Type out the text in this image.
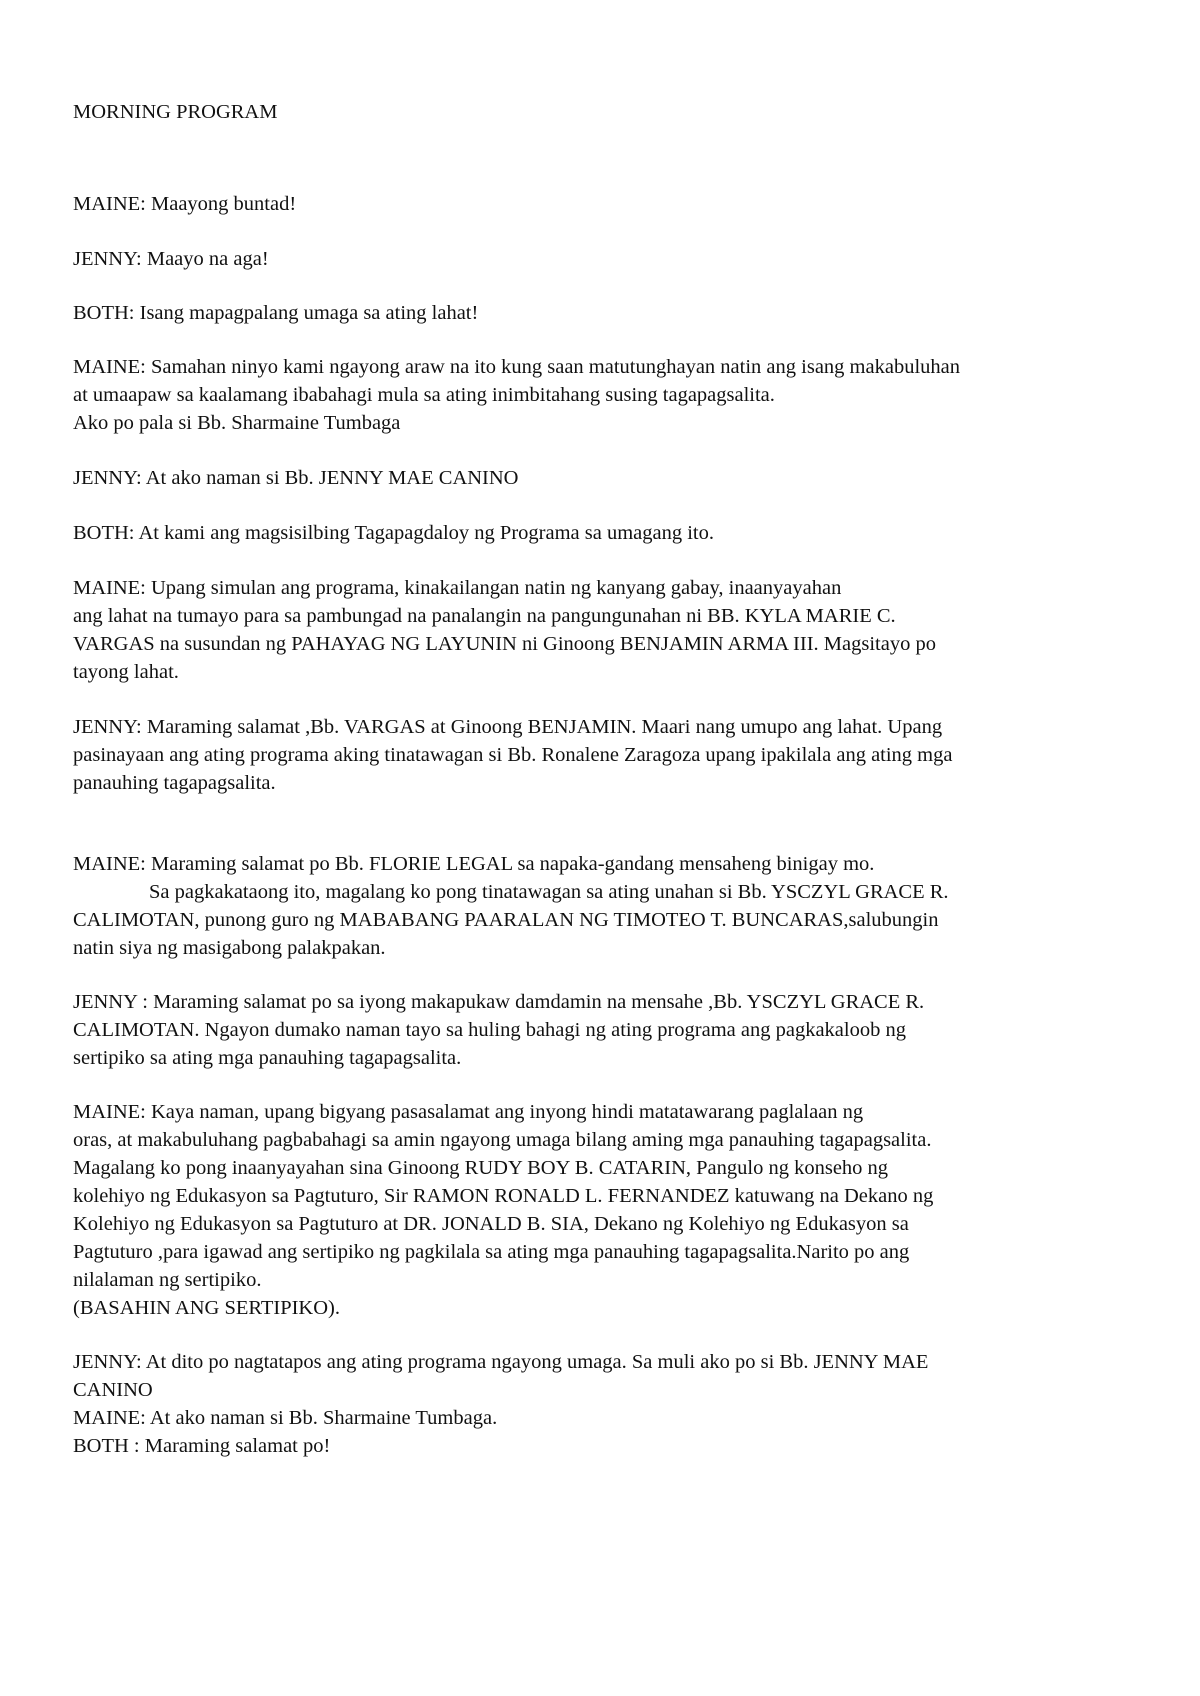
MORNING PROGRAM

MAINE: Maayong buntad!

JENNY: Maayo na aga!

BOTH: Isang mapagpalang umaga sa ating lahat!

MAINE: Samahan ninyo kami ngayong araw na ito kung saan matutunghayan natin ang isang makabuluhan
at umaapaw sa kaalamang ibabahagi mula sa ating inimbitahang susing tagapagsalita.
Ako po pala si Bb. Sharmaine Tumbaga

JENNY: At ako naman si Bb. JENNY MAE CANINO

BOTH: At kami ang magsisilbing Tagapagdaloy ng Programa sa umagang ito.

MAINE: Upang simulan ang programa, kinakailangan natin ng kanyang gabay, inaanyayahan
ang lahat na tumayo para sa pambungad na panalangin na pangungunahan ni BB. KYLA MARIE C.
VARGAS na susundan ng PAHAYAG NG LAYUNIN ni Ginoong BENJAMIN ARMA III. Magsitayo po
tayong lahat.

JENNY: Maraming salamat ,Bb. VARGAS at Ginoong BENJAMIN. Maari nang umupo ang lahat. Upang
pasinayaan ang ating programa aking tinatawagan si Bb. Ronalene Zaragoza upang ipakilala ang ating mga
panauhing tagapagsalita.

MAINE: Maraming salamat po Bb. FLORIE LEGAL sa napaka-gandang mensaheng binigay mo.
Sa pagkakataong ito, magalang ko pong tinatawagan sa ating unahan si Bb. YSCZYL GRACE R.
CALIMOTAN, punong guro ng MABABANG PAARALAN NG TIMOTEO T. BUNCARAS,salubungin
natin siya ng masigabong palakpakan.

JENNY : Maraming salamat po sa iyong makapukaw damdamin na mensahe ,Bb. YSCZYL GRACE R.
CALIMOTAN. Ngayon dumako naman tayo sa huling bahagi ng ating programa ang pagkakaloob ng
sertipiko sa ating mga panauhing tagapagsalita.

MAINE: Kaya naman, upang bigyang pasasalamat ang inyong hindi matatawarang paglalaan ng
oras, at makabuluhang pagbabahagi sa amin ngayong umaga bilang aming mga panauhing tagapagsalita.
Magalang ko pong inaanyayahan sina Ginoong RUDY BOY B. CATARIN, Pangulo ng konseho ng
kolehiyo ng Edukasyon sa Pagtuturo, Sir RAMON RONALD L. FERNANDEZ katuwang na Dekano ng
Kolehiyo ng Edukasyon sa Pagtuturo at DR. JONALD B. SIA, Dekano ng Kolehiyo ng Edukasyon sa
Pagtuturo ,para igawad ang sertipiko ng pagkilala sa ating mga panauhing tagapagsalita.Narito po ang
nilalaman ng sertipiko.
(BASAHIN ANG SERTIPIKO).

JENNY: At dito po nagtatapos ang ating programa ngayong umaga. Sa muli ako po si Bb. JENNY MAE
CANINO

MAINE: At ako naman si Bb. Sharmaine Tumbaga.

BOTH : Maraming salamat po!
